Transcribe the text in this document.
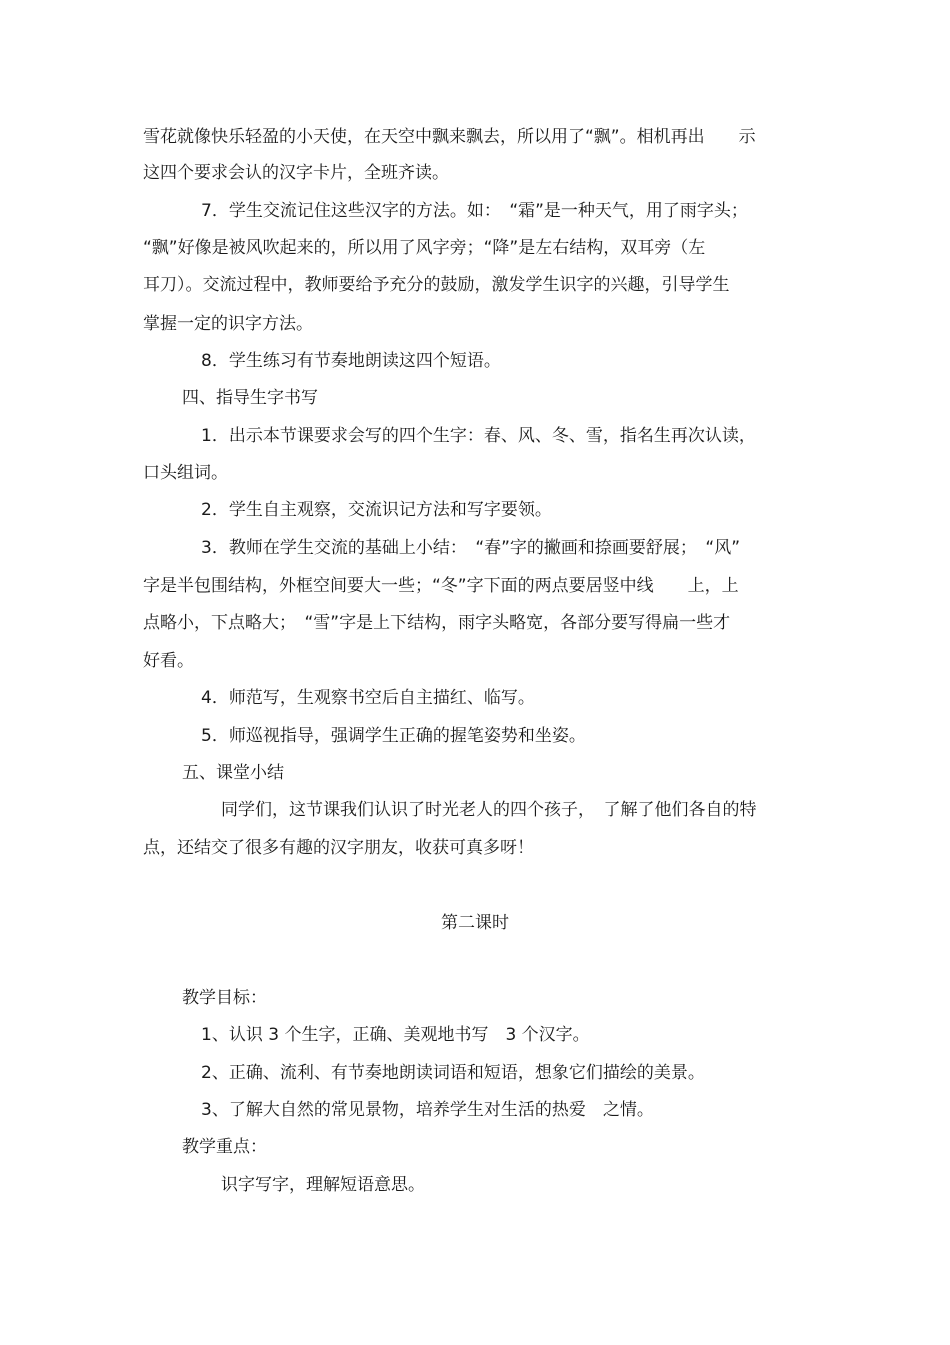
雪花就像快乐轻盈的小天使，在天空中飘来飘去，所以用了“飘”。相机再出　　示
这四个要求会认的汉字卡片，全班齐读。
7．学生交流记住这些汉字的方法。如：　“霜”是一种天气，用了雨字头；
“飘”好像是被风吹起来的，所以用了风字旁；“降”是左右结构，双耳旁（左
耳刀）。交流过程中，教师要给予充分的鼓励，激发学生识字的兴趣，引导学生
掌握一定的识字方法。
8．学生练习有节奏地朗读这四个短语。
四、指导生字书写
1．出示本节课要求会写的四个生字：春、风、冬、雪，指名生再次认读，
口头组词。
2．学生自主观察，交流识记方法和写字要领。
3．教师在学生交流的基础上小结：　“春”字的撇画和捺画要舒展；　“风”
字是半包围结构，外框空间要大一些；“冬”字下面的两点要居竖中线　　上，上
点略小，下点略大；　“雪”字是上下结构，雨字头略宽，各部分要写得扁一些才
好看。
4．师范写，生观察书空后自主描红、临写。
5．师巡视指导，强调学生正确的握笔姿势和坐姿。
五、课堂小结
同学们，这节课我们认识了时光老人的四个孩子，　了解了他们各自的特
点，还结交了很多有趣的汉字朋友，收获可真多呀！
第二课时
教学目标：
1、认识 3 个生字，正确、美观地书写　3 个汉字。
2、正确、流利、有节奏地朗读词语和短语，想象它们描绘的美景。
3、了解大自然的常见景物，培养学生对生活的热爱　之情。
教学重点：
识字写字，理解短语意思。
